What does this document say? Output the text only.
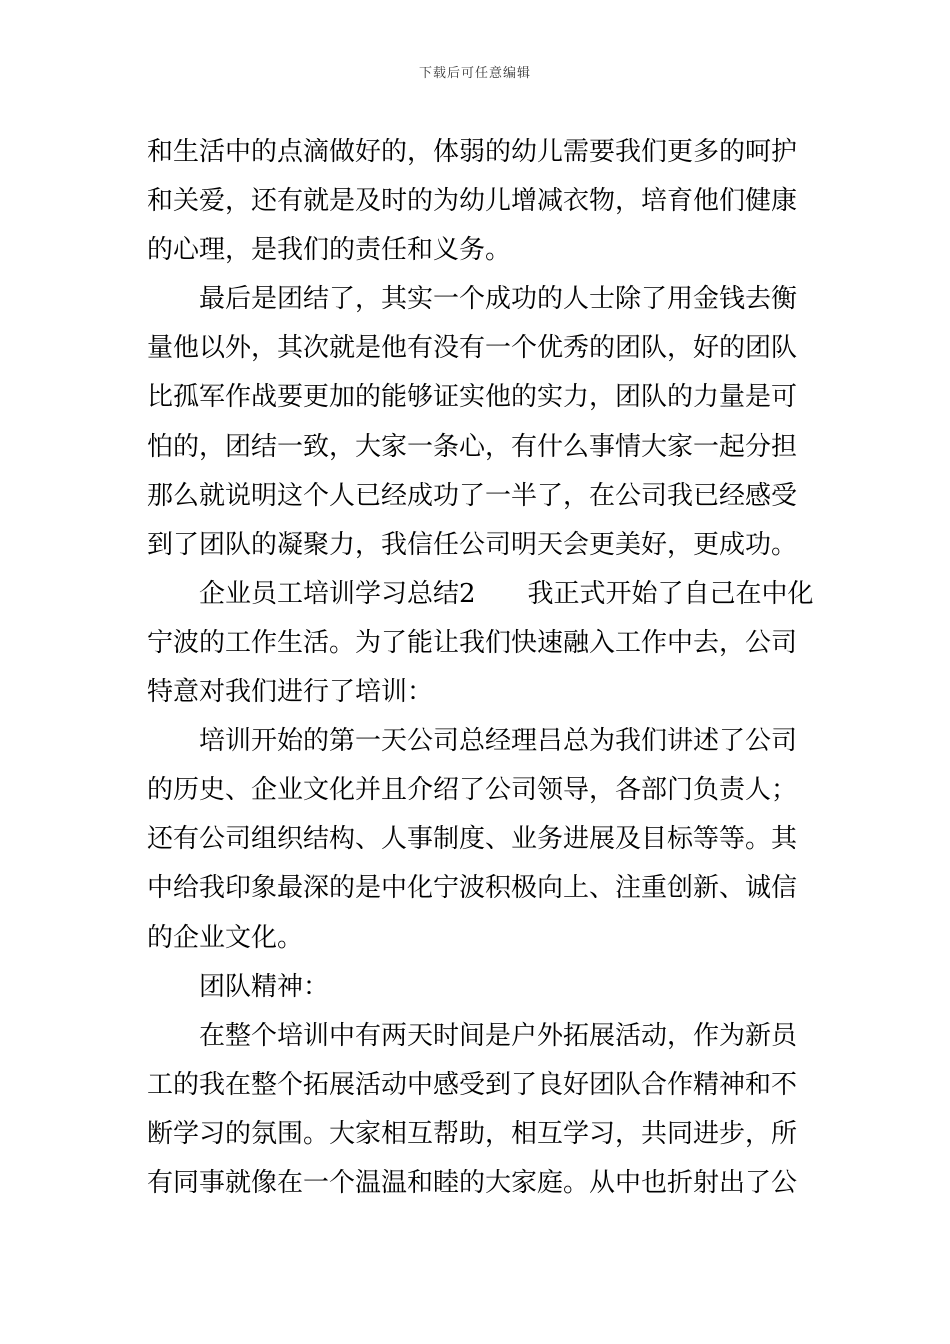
下载后可任意编辑
和生活中的点滴做好的，体弱的幼儿需要我们更多的呵护
和关爱，还有就是及时的为幼儿增减衣物，培育他们健康
的心理，是我们的责任和义务。
最后是团结了，其实一个成功的人士除了用金钱去衡
量他以外，其次就是他有没有一个优秀的团队，好的团队
比孤军作战要更加的能够证实他的实力，团队的力量是可
怕的，团结一致，大家一条心，有什么事情大家一起分担
那么就说明这个人已经成功了一半了，在公司我已经感受
到了团队的凝聚力，我信任公司明天会更美好，更成功。
企业员工培训学习总结2 我正式开始了自己在中化
宁波的工作生活。为了能让我们快速融入工作中去，公司
特意对我们进行了培训：
培训开始的第一天公司总经理吕总为我们讲述了公司
的历史、企业文化并且介绍了公司领导，各部门负责人；
还有公司组织结构、人事制度、业务进展及目标等等。其
中给我印象最深的是中化宁波积极向上、注重创新、诚信
的企业文化。
团队精神：
在整个培训中有两天时间是户外拓展活动，作为新员
工的我在整个拓展活动中感受到了良好团队合作精神和不
断学习的氛围。大家相互帮助，相互学习，共同进步，所
有同事就像在一个温温和睦的大家庭。从中也折射出了公
